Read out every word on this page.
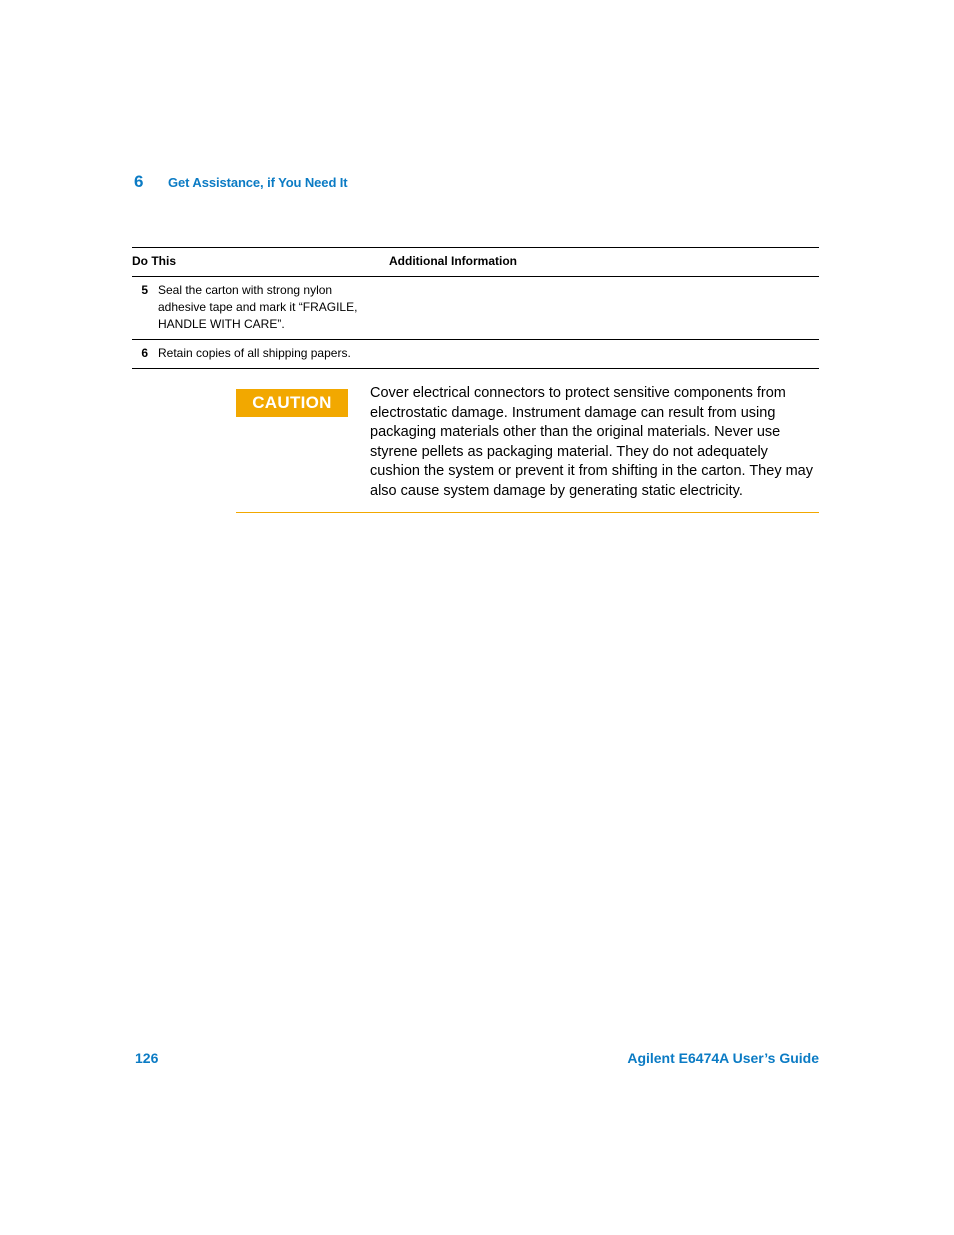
6	Get Assistance, if You Need It
Do This	Additional Information

5 Seal the carton with strong nylon adhesive tape and mark it “FRAGILE, HANDLE WITH CARE”.	

6 Retain copies of all shipping papers.	

CAUTION	Cover electrical connectors to protect sensitive components from electrostatic damage. Instrument damage can result from using packaging materials other than the original materials. Never use styrene pellets as packaging material. They do not adequately cushion the system or prevent it from shifting in the carton. They may also cause system damage by generating static electricity.
126	Agilent E6474A User’s Guide
